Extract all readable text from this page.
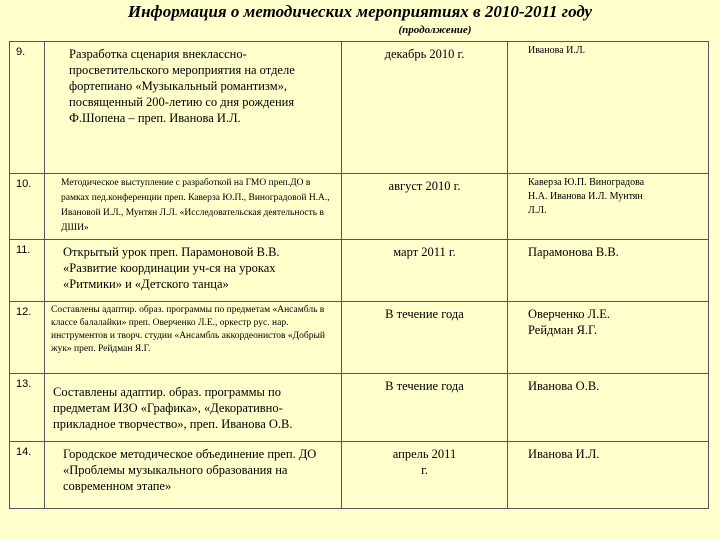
Информация о методических мероприятиях в 2010-2011 году
(продолжение)
9.	Разработка сценария внеклассно-просветительского мероприятия на отделе фортепиано «Музыкальный романтизм», посвященный 200-летию со дня рождения Ф.Шопена – преп. Иванова И.Л.	декабрь 2010 г.	Иванова И.Л.
10.	Методическое выступление с разработкой на ГМО преп.ДО в рамках пед.конференции преп. Каверза Ю.П., Виноградовой Н.А., Ивановой И.Л., Мунтян Л.Л. «Исследовательская деятельность в ДШИ»	август 2010 г.	Каверза Ю.П. Виноградова Н.А. Иванова И.Л. Мунтян Л.Л.
11.	Открытый урок преп. Парамоновой В.В. «Развитие координации уч-ся на уроках «Ритмики» и «Детского танца»	март 2011 г.	Парамонова В.В.
12.	Составлены адаптир. образ. программы по предметам «Ансамбль в классе балалайки» преп. Оверченко Л.Е., оркестр рус. нар. инструментов и творч. студии «Ансамбль аккордеонистов «Добрый жук» преп. Рейдман Я.Г.	В течение года	Оверченко Л.Е. Рейдман Я.Г.
13.	Составлены адаптир. образ. программы по предметам ИЗО «Графика», «Декоративно-прикладное творчество», преп. Иванова О.В.	В течение года	Иванова О.В.
14.	Городское методическое объединение преп. ДО «Проблемы музыкального образования на современном этапе»	апрель 2011 г.	Иванова И.Л.
